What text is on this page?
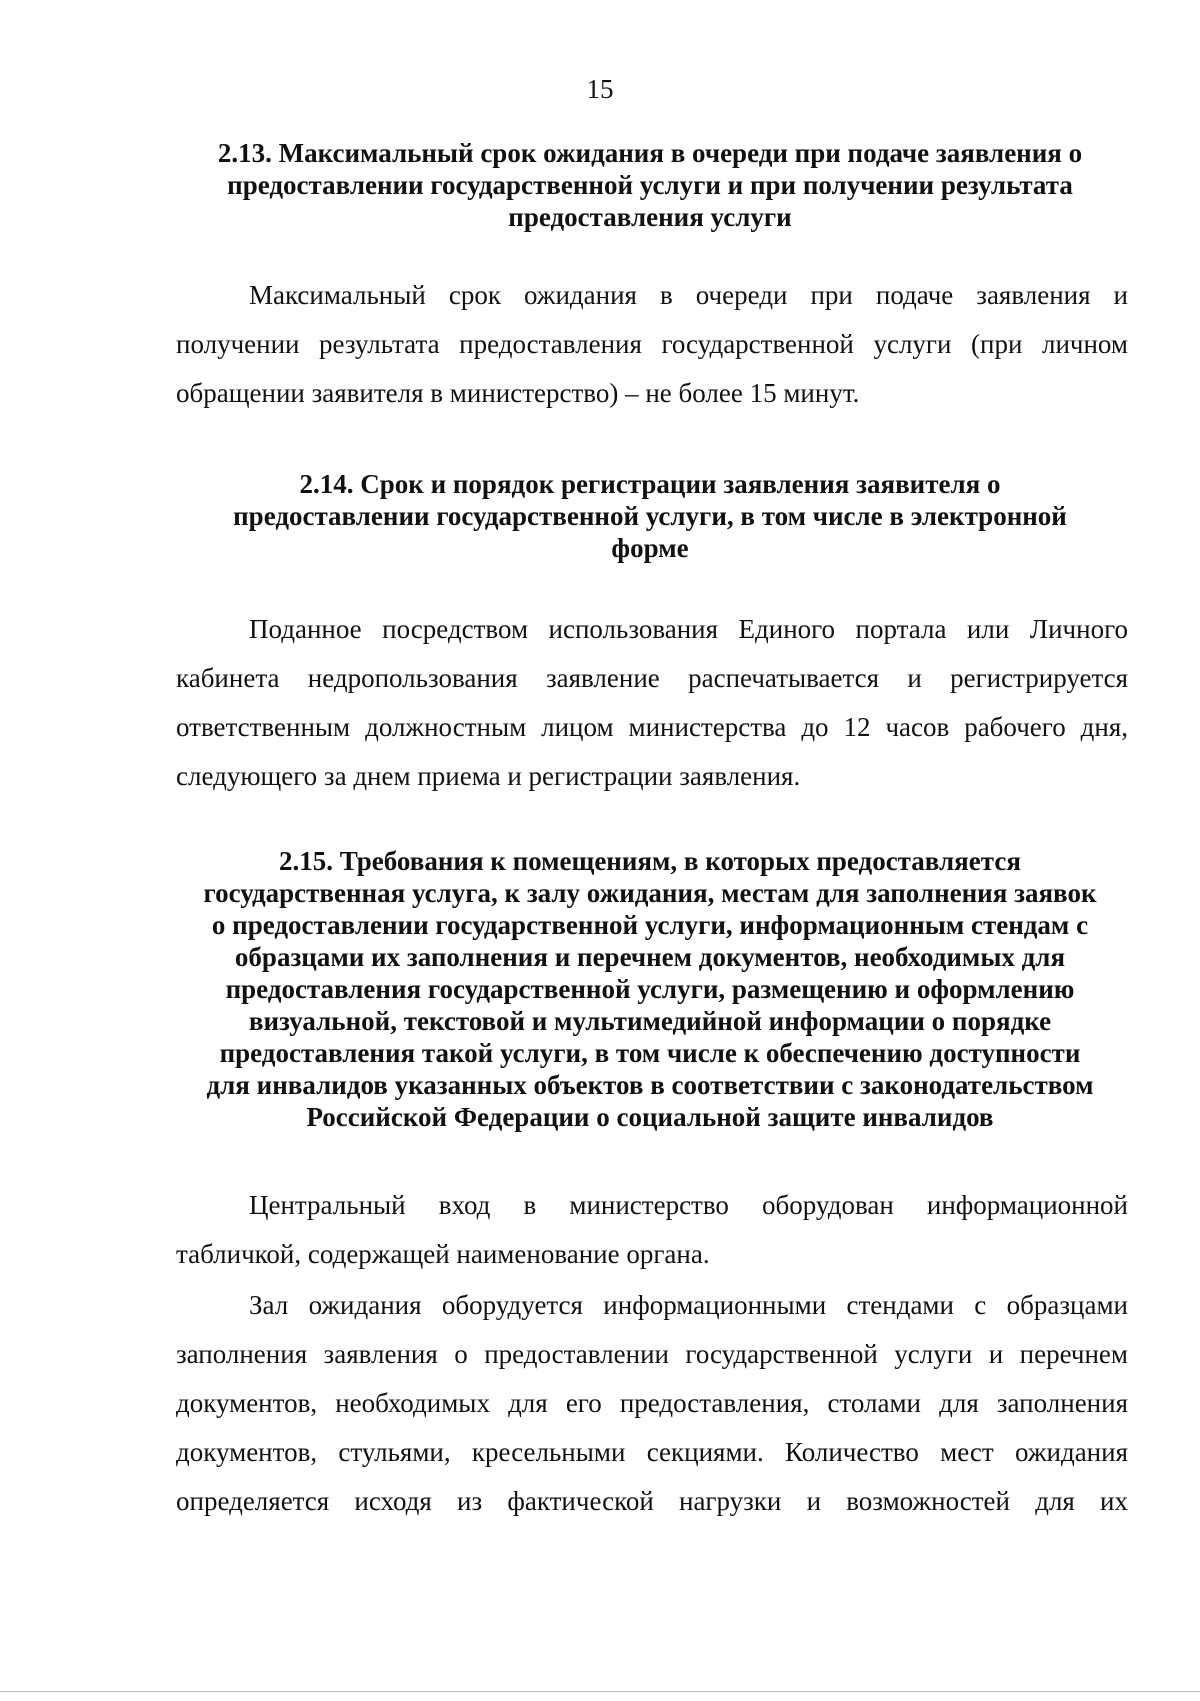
15
2.13. Максимальный срок ожидания в очереди при подаче заявления о
предоставлении государственной услуги и при получении результата
предоставления услуги
Максимальный срок ожидания в очереди при подаче заявления и
получении результата предоставления государственной услуги (при личном
обращении заявителя в министерство) – не более 15 минут.
2.14. Срок и порядок регистрации заявления заявителя о
предоставлении государственной услуги, в том числе в электронной
форме
Поданное посредством использования Единого портала или Личного
кабинета недропользования заявление распечатывается и регистрируется
ответственным должностным лицом министерства до 12 часов рабочего дня,
следующего за днем приема и регистрации заявления.
2.15. Требования к помещениям, в которых предоставляется
государственная услуга, к залу ожидания, местам для заполнения заявок
о предоставлении государственной услуги, информационным стендам с
образцами их заполнения и перечнем документов, необходимых для
предоставления государственной услуги, размещению и оформлению
визуальной, текстовой и мультимедийной информации о порядке
предоставления такой услуги, в том числе к обеспечению доступности
для инвалидов указанных объектов в соответствии с законодательством
Российской Федерации о социальной защите инвалидов
Центральный вход в министерство оборудован информационной
табличкой, содержащей наименование органа.
Зал ожидания оборудуется информационными стендами с образцами
заполнения заявления о предоставлении государственной услуги и перечнем
документов, необходимых для его предоставления, столами для заполнения
документов, стульями, кресельными секциями. Количество мест ожидания
определяется исходя из фактической нагрузки и возможностей для их
